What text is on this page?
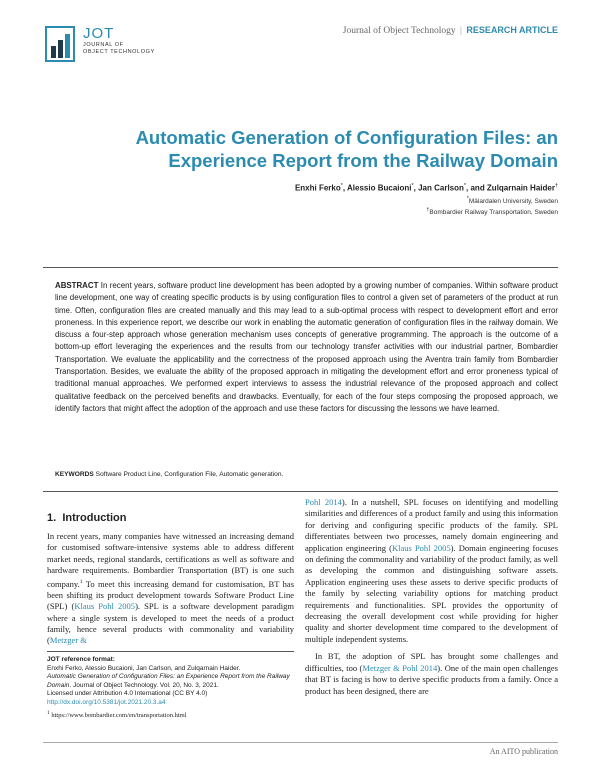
JOT
JOURNAL OF
OBJECT TECHNOLOGY
Journal of Object Technology | RESEARCH ARTICLE
Automatic Generation of Configuration Files: an
Experience Report from the Railway Domain
Enxhi Ferko*, Alessio Bucaioni*, Jan Carlson*, and Zulqarnain Haider†
*Mälardalen University, Sweden
†Bombardier Railway Transportation, Sweden
ABSTRACT In recent years, software product line development has been adopted by a growing number of companies. Within software product line development, one way of creating specific products is by using configuration files to control a given set of parameters of the product at run time. Often, configuration files are created manually and this may lead to a sub-optimal process with respect to development effort and error proneness. In this experience report, we describe our work in enabling the automatic generation of configuration files in the railway domain. We discuss a four-step approach whose generation mechanism uses concepts of generative programming. The approach is the outcome of a bottom-up effort leveraging the experiences and the results from our technology transfer activities with our industrial partner, Bombardier Transportation. We evaluate the applicability and the correctness of the proposed approach using the Aventra train family from Bombardier Transportation. Besides, we evaluate the ability of the proposed approach in mitigating the development effort and error proneness typical of traditional manual approaches. We performed expert interviews to assess the industrial relevance of the proposed approach and collect qualitative feedback on the perceived benefits and drawbacks. Eventually, for each of the four steps composing the proposed approach, we identify factors that might affect the adoption of the approach and use these factors for discussing the lessons we have learned.
KEYWORDS Software Product Line, Configuration File, Automatic generation.
1. Introduction

In recent years, many companies have witnessed an increasing demand for customised software-intensive systems able to address different market needs, regional standards, certifications as well as software and hardware requirements. Bombardier Transportation (BT) is one such company.$^1$ To meet this increasing demand for customisation, BT has been shifting its product development towards Software Product Line (SPL) (Klaus Pohl 2005). SPL is a software development paradigm where a single system is developed to meet the needs of a product family, hence several products with commonality and variability (Metzger &

Pohl 2014). In a nutshell, SPL focuses on identifying and modelling similarities and differences of a product family and using this information for deriving and configuring specific products of the family. SPL differentiates between two processes, namely domain engineering and application engineering (Klaus Pohl 2005). Domain engineering focuses on defining the commonality and variability of the product family, as well as developing the common and distinguishing software assets. Application engineering uses these assets to derive specific products of the family by selecting variability options for matching product requirements and functionalities. SPL provides the opportunity of decreasing the overall development cost while providing for higher quality and shorter development time compared to the development of multiple independent systems.

In BT, the adoption of SPL has brought some challenges and difficulties, too (Metzger & Pohl 2014). One of the main open challenges that BT is facing is how to derive specific products from a family. Once a product has been designed, there are

JOT reference format:
Enxhi Ferko, Alessio Bucaioni, Jan Carlson, and Zulqarnain Haider.
Automatic Generation of Configuration Files: an Experience Report from the Railway Domain. Journal of Object Technology. Vol. 20, No. 3, 2021.
Licensed under Attribution 4.0 International (CC BY 4.0)
http://dx.doi.org/10.5381/jot.2021.20.3.a4
$^1$ https://www.bombardier.com/en/transportation.html
An AITO publication
